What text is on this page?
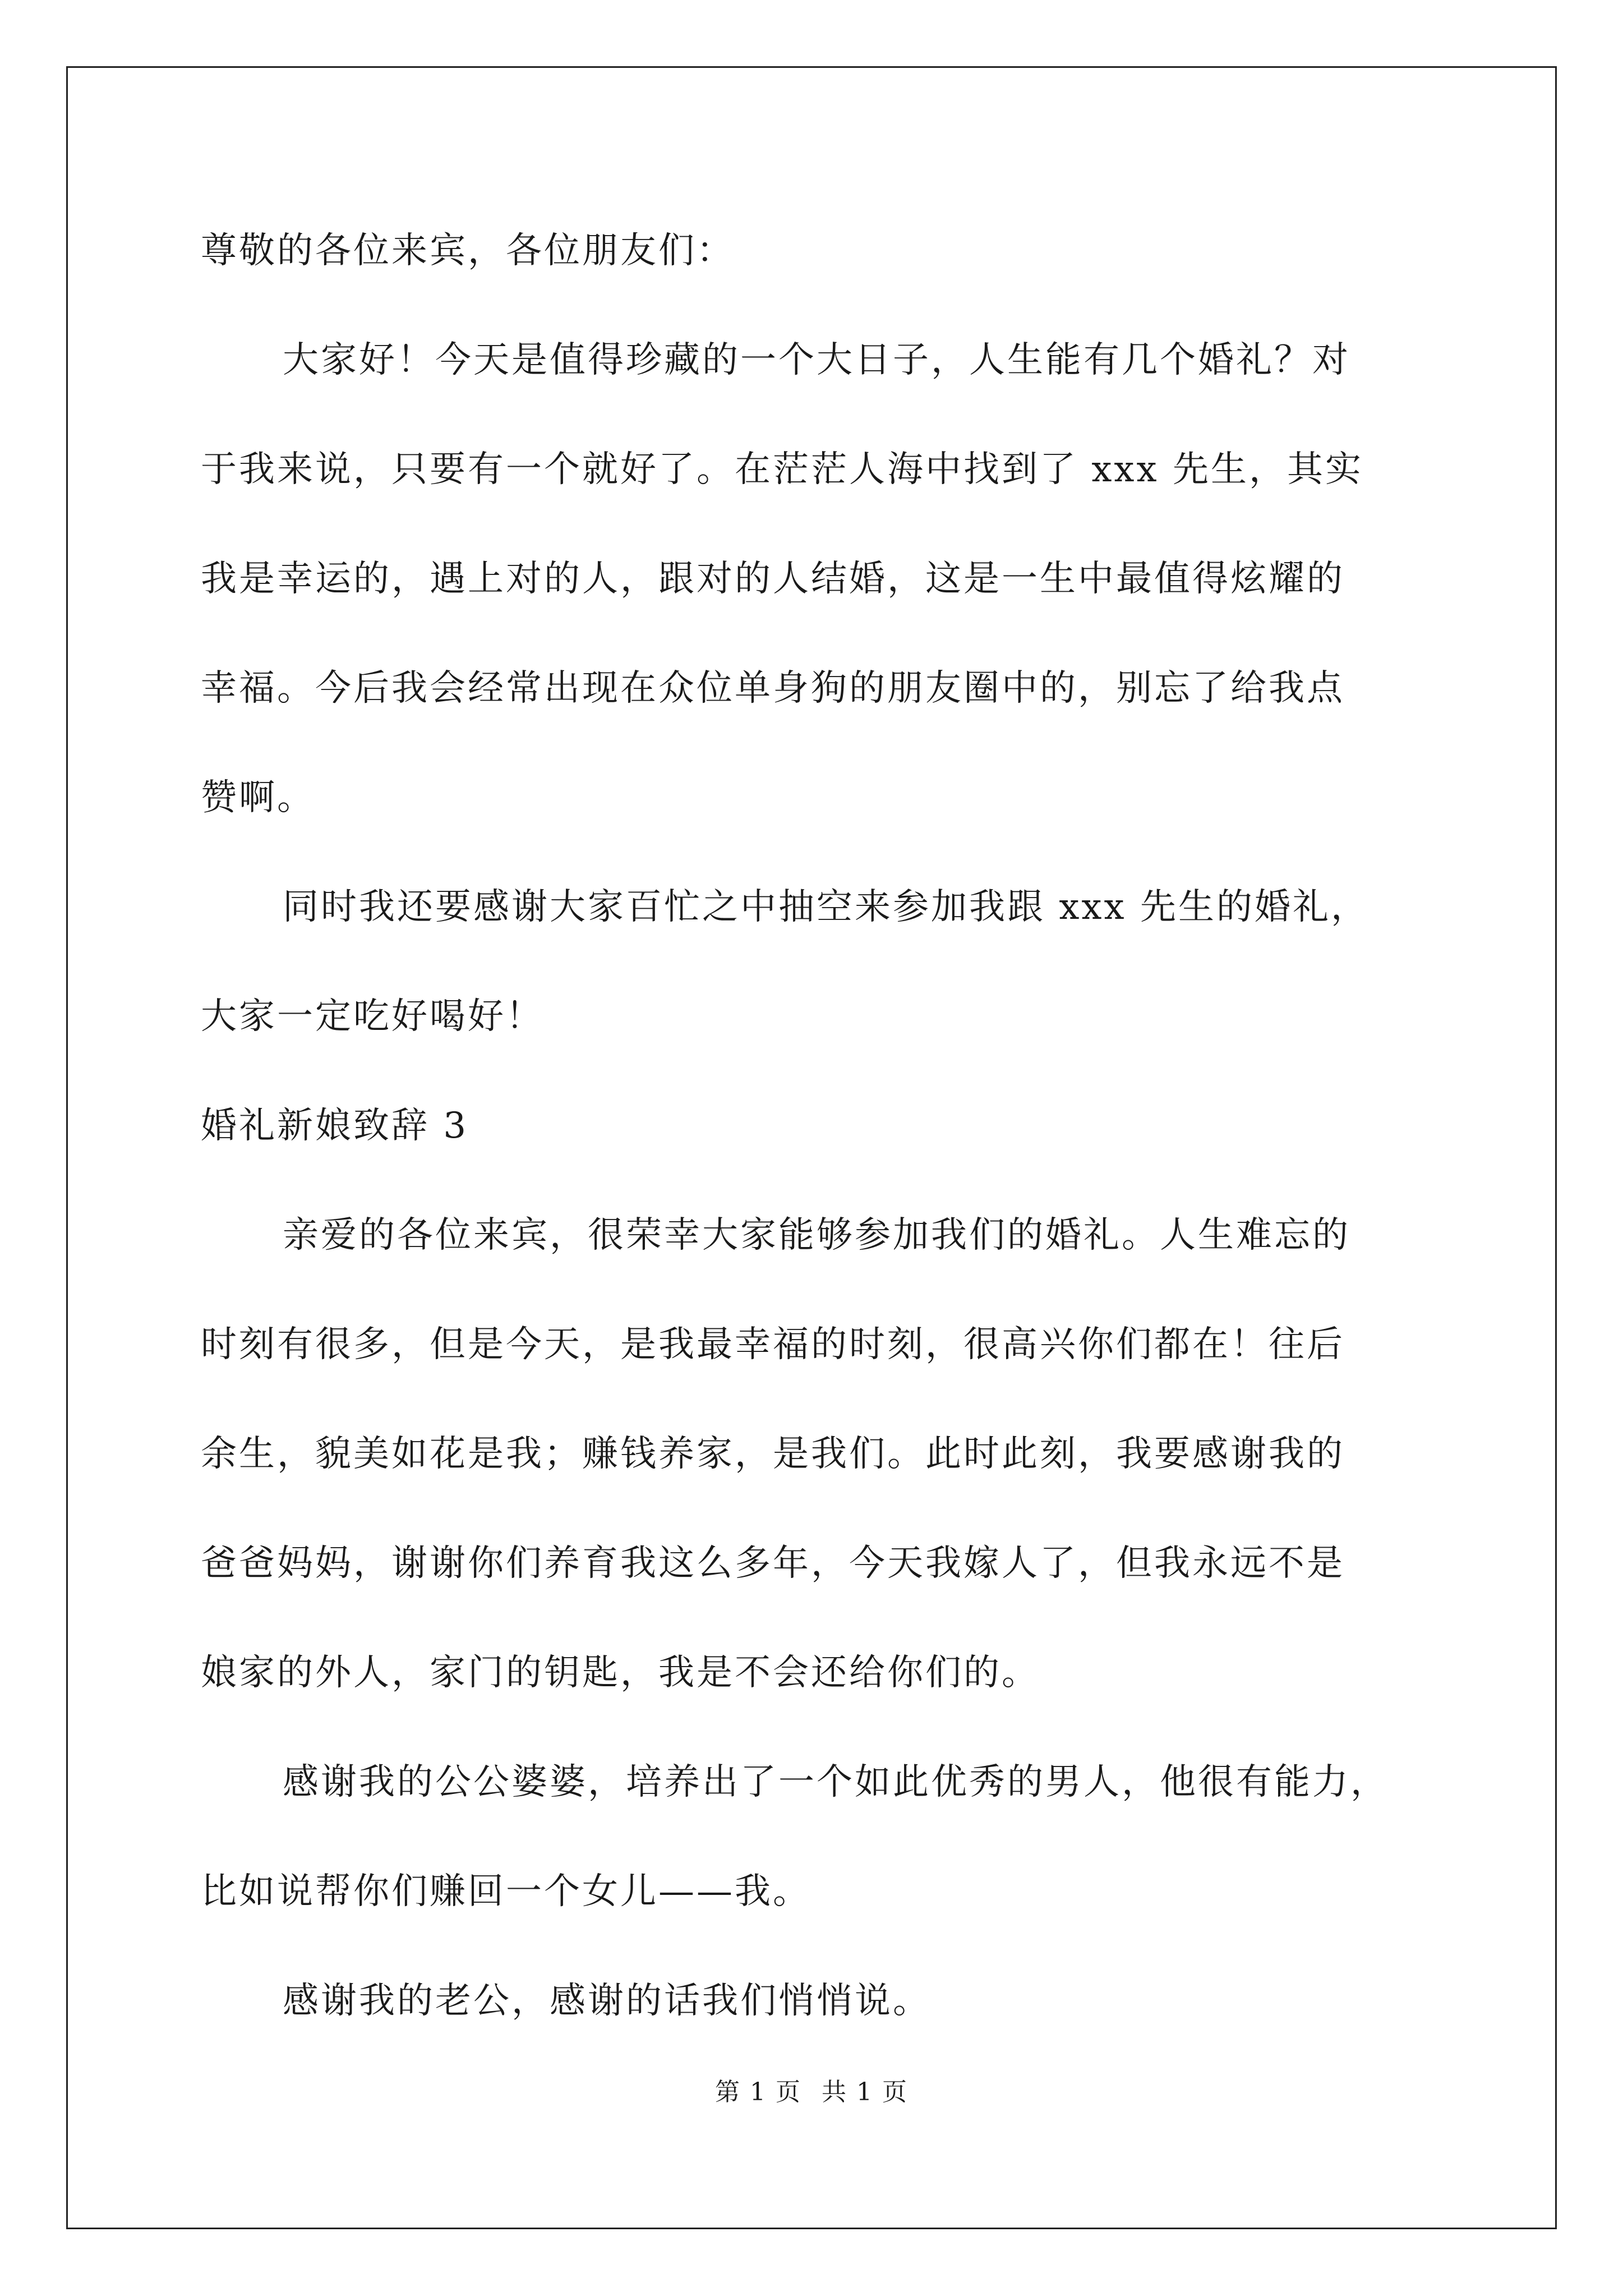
尊敬的各位来宾，各位朋友们：

大家好！今天是值得珍藏的一个大日子，人生能有几个婚礼？对

于我来说，只要有一个就好了。在茫茫人海中找到了 xxx 先生，其实

我是幸运的，遇上对的人，跟对的人结婚，这是一生中最值得炫耀的

幸福。今后我会经常出现在众位单身狗的朋友圈中的，别忘了给我点

赞啊。

同时我还要感谢大家百忙之中抽空来参加我跟 xxx 先生的婚礼，

大家一定吃好喝好！

婚礼新娘致辞 3

亲爱的各位来宾，很荣幸大家能够参加我们的婚礼。人生难忘的

时刻有很多，但是今天，是我最幸福的时刻，很高兴你们都在！往后

余生，貌美如花是我；赚钱养家，是我们。此时此刻，我要感谢我的

爸爸妈妈，谢谢你们养育我这么多年，今天我嫁人了，但我永远不是

娘家的外人，家门的钥匙，我是不会还给你们的。

感谢我的公公婆婆，培养出了一个如此优秀的男人，他很有能力，

比如说帮你们赚回一个女儿——我。

感谢我的老公，感谢的话我们悄悄说。

第 1 页 共 1 页
